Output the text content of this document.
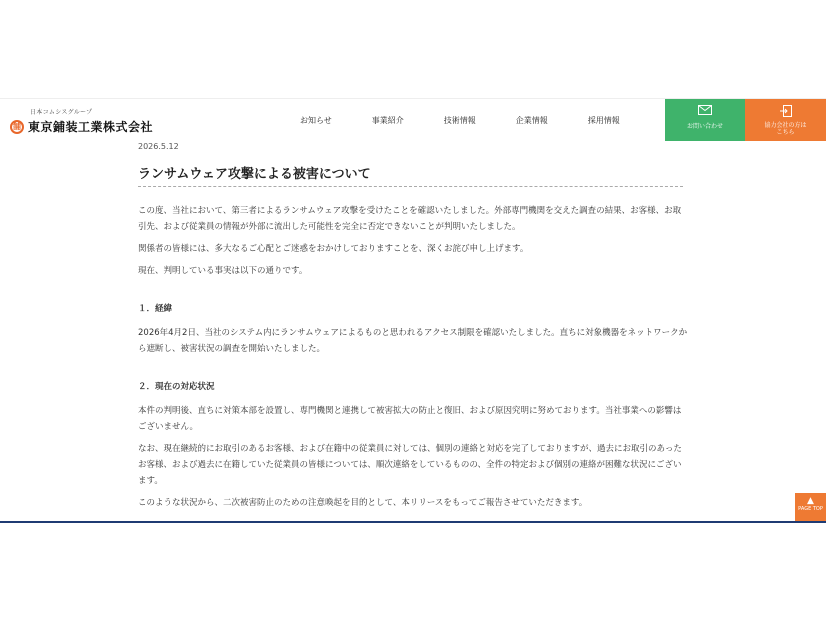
日本コムシスグループ
舗 東京鋪装工業株式会社	お知らせ	事業紹介	技術情報	企業情報	採用情報
お問い合わせ	協力会社の方は
こちら
2026.5.12
ランサムウェア攻撃による被害について

この度、当社において、第三者によるランサムウェア攻撃を受けたことを確認いたしました。外部専門機関を交えた調査の結果、お客様、お取引先、および従業員の情報が外部に流出した可能性を完全に否定できないことが判明いたしました。

関係者の皆様には、多大なるご心配とご迷惑をおかけしておりますことを、深くお詫び申し上げます。

現在、判明している事実は以下の通りです。

１．経緯

2026年4月2日、当社のシステム内にランサムウェアによるものと思われるアクセス制限を確認いたしました。直ちに対象機器をネットワークから遮断し、被害状況の調査を開始いたしました。

２．現在の対応状況

本件の判明後、直ちに対策本部を設置し、専門機関と連携して被害拡大の防止と復旧、および原因究明に努めております。当社事業への影響はございません。

なお、現在継続的にお取引のあるお客様、および在籍中の従業員に対しては、個別の連絡と対応を完了しておりますが、過去にお取引のあったお客様、および過去に在籍していた従業員の皆様については、順次連絡をしているものの、全件の特定および個別の連絡が困難な状況にございます。

このような状況から、二次被害防止のための注意喚起を目的として、本リリースをもってご報告させていただきます。	▲
PAGE TOP
